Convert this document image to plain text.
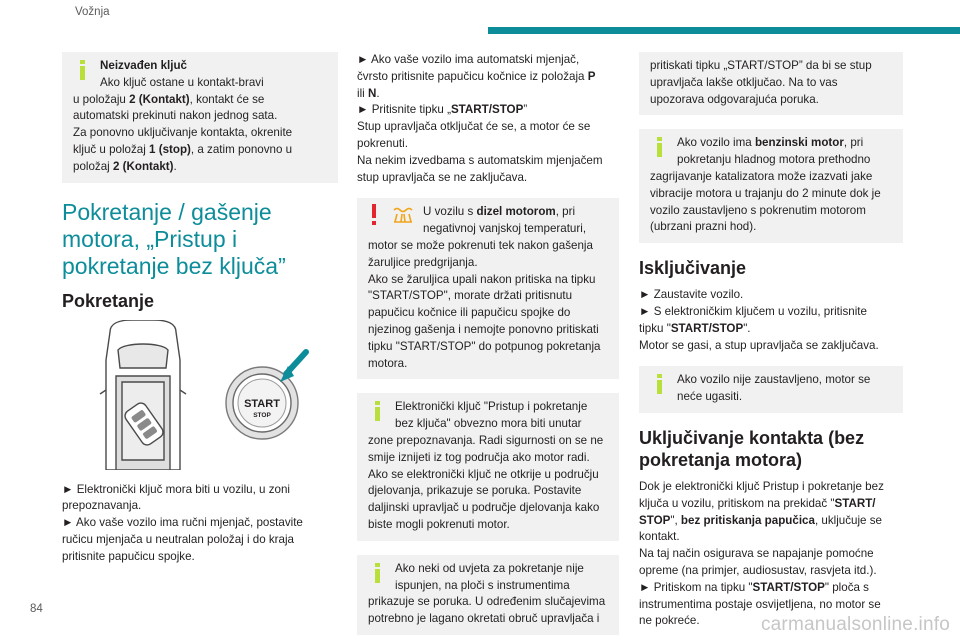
Vožnja
Neizvađen ključ
Ako ključ ostane u kontakt-bravi
u položaju 2 (Kontakt), kontakt će se
automatski prekinuti nakon jednog sata.
Za ponovno uključivanje kontakta, okrenite
ključ u položaj 1 (stop), a zatim ponovno u
položaj 2 (Kontakt).
Pokretanje / gašenje
motora, „Pristup i
pokretanje bez ključa”
Pokretanje
START
STOP
► Elektronički ključ mora biti u vozilu, u zoni
prepoznavanja.
► Ako vaše vozilo ima ručni mjenjač, postavite
ručicu mjenjača u neutralan položaj i do kraja
pritisnite papučicu spojke.
► Ako vaše vozilo ima automatski mjenjač,
čvrsto pritisnite papučicu kočnice iz položaja P
ili N.
► Pritisnite tipku „START/STOP”
Stup upravljača otključat će se, a motor će se
pokrenuti.
Na nekim izvedbama s automatskim mjenjačem
stup upravljača se ne zaključava.
U vozilu s dizel motorom, pri
negativnoj vanjskoj temperaturi,
motor se može pokrenuti tek nakon gašenja
žaruljice predgrijanja.
Ako se žaruljica upali nakon pritiska na tipku
"START/STOP", morate držati pritisnutu
papučicu kočnice ili papučicu spojke do
njezinog gašenja i nemojte ponovno pritiskati
tipku "START/STOP" do potpunog pokretanja
motora.
Elektronički ključ "Pristup i pokretanje
bez ključa" obvezno mora biti unutar
zone prepoznavanja. Radi sigurnosti on se ne
smije iznijeti iz tog područja ako motor radi.
Ako se elektronički ključ ne otkrije u području
djelovanja, prikazuje se poruka. Postavite
daljinski upravljač u područje djelovanja kako
biste mogli pokrenuti motor.
Ako neki od uvjeta za pokretanje nije
ispunjen, na ploči s instrumentima
prikazuje se poruka. U određenim slučajevima
potrebno je lagano okretati obruč upravljača i
pritiskati tipku „START/STOP” da bi se stup
upravljača lakše otključao. Na to vas
upozorava odgovarajuća poruka.
Ako vozilo ima benzinski motor, pri
pokretanju hladnog motora prethodno
zagrijavanje katalizatora može izazvati jake
vibracije motora u trajanju do 2 minute dok je
vozilo zaustavljeno s pokrenutim motorom
(ubrzani prazni hod).
Isključivanje
► Zaustavite vozilo.
► S elektroničkim ključem u vozilu, pritisnite
tipku "START/STOP".
Motor se gasi, a stup upravljača se zaključava.
Ako vozilo nije zaustavljeno, motor se
neće ugasiti.
Uključivanje kontakta (bez
pokretanja motora)
Dok je elektronički ključ Pristup i pokretanje bez
ključa u vozilu, pritiskom na prekidač "START/
STOP", bez pritiskanja papučica, uključuje se
kontakt.
Na taj način osigurava se napajanje pomoćne
opreme (na primjer, audiosustav, rasvjeta itd.).
► Pritiskom na tipku "START/STOP" ploča s
instrumentima postaje osvijetljena, no motor se
ne pokreće.
84
carmanualsonline.info
